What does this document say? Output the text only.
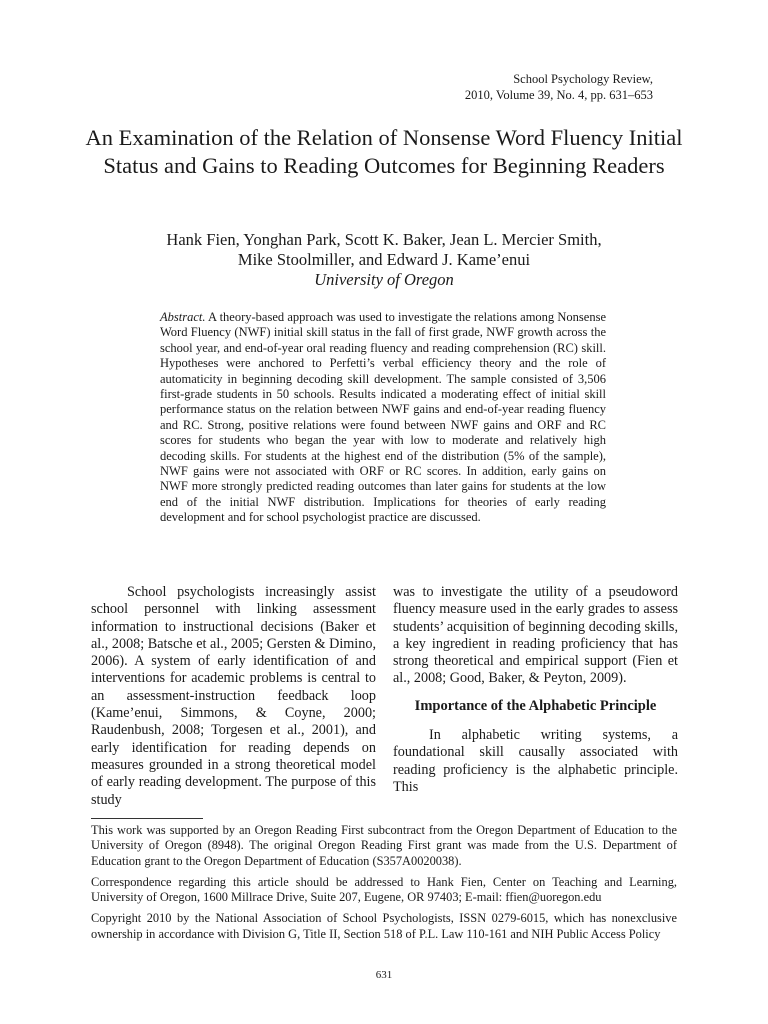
School Psychology Review,
2010, Volume 39, No. 4, pp. 631–653
An Examination of the Relation of Nonsense Word Fluency Initial Status and Gains to Reading Outcomes for Beginning Readers
Hank Fien, Yonghan Park, Scott K. Baker, Jean L. Mercier Smith,
Mike Stoolmiller, and Edward J. Kame’enui
University of Oregon
Abstract. A theory-based approach was used to investigate the relations among Nonsense Word Fluency (NWF) initial skill status in the fall of first grade, NWF growth across the school year, and end-of-year oral reading fluency and reading comprehension (RC) skill. Hypotheses were anchored to Perfetti’s verbal efficiency theory and the role of automaticity in beginning decoding skill development. The sample consisted of 3,506 first-grade students in 50 schools. Results indicated a moderating effect of initial skill performance status on the relation between NWF gains and end-of-year reading fluency and RC. Strong, positive relations were found between NWF gains and ORF and RC scores for students who began the year with low to moderate and relatively high decoding skills. For students at the highest end of the distribution (5% of the sample), NWF gains were not associated with ORF or RC scores. In addition, early gains on NWF more strongly predicted reading outcomes than later gains for students at the low end of the initial NWF distribution. Implications for theories of early reading development and for school psychologist practice are discussed.

School psychologists increasingly assist school personnel with linking assessment information to instructional decisions (Baker et al., 2008; Batsche et al., 2005; Gersten & Dimino, 2006). A system of early identification of and interventions for academic problems is central to an assessment-instruction feedback loop (Kame’enui, Simmons, & Coyne, 2000; Raudenbush, 2008; Torgesen et al., 2001), and early identification for reading depends on measures grounded in a strong theoretical model of early reading development. The purpose of this study

was to investigate the utility of a pseudoword fluency measure used in the early grades to assess students’ acquisition of beginning decoding skills, a key ingredient in reading proficiency that has strong theoretical and empirical support (Fien et al., 2008; Good, Baker, & Peyton, 2009).

Importance of the Alphabetic Principle

In alphabetic writing systems, a foundational skill causally associated with reading proficiency is the alphabetic principle. This

This work was supported by an Oregon Reading First subcontract from the Oregon Department of Education to the University of Oregon (8948). The original Oregon Reading First grant was made from the U.S. Department of Education grant to the Oregon Department of Education (S357A0020038).

Correspondence regarding this article should be addressed to Hank Fien, Center on Teaching and Learning, University of Oregon, 1600 Millrace Drive, Suite 207, Eugene, OR 97403; E-mail: ffien@uoregon.edu

Copyright 2010 by the National Association of School Psychologists, ISSN 0279-6015, which has nonexclusive ownership in accordance with Division G, Title II, Section 518 of P.L. Law 110-161 and NIH Public Access Policy

631
